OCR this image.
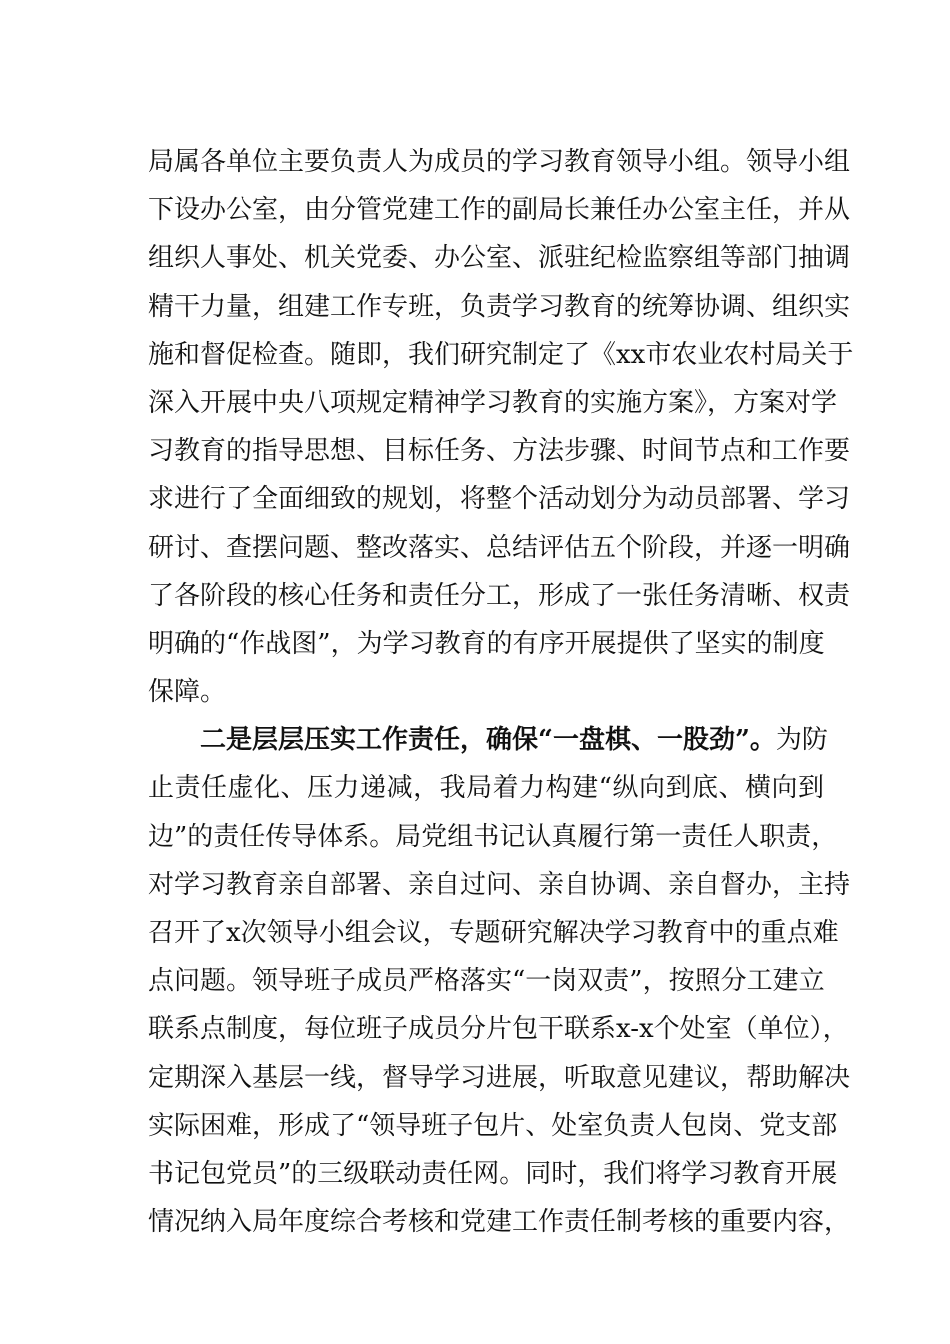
局属各单位主要负责人为成员的学习教育领导小组。领导小组
下设办公室，由分管党建工作的副局长兼任办公室主任，并从
组织人事处、机关党委、办公室、派驻纪检监察组等部门抽调
精干力量，组建工作专班，负责学习教育的统筹协调、组织实
施和督促检查。随即，我们研究制定了《xx市农业农村局关于
深入开展中央八项规定精神学习教育的实施方案》，方案对学
习教育的指导思想、目标任务、方法步骤、时间节点和工作要
求进行了全面细致的规划，将整个活动划分为动员部署、学习
研讨、查摆问题、整改落实、总结评估五个阶段，并逐一明确
了各阶段的核心任务和责任分工，形成了一张任务清晰、权责
明确的“作战图”，为学习教育的有序开展提供了坚实的制度
保障。

二是层层压实工作责任，确保“一盘棋、一股劲”。为防
止责任虚化、压力递减，我局着力构建“纵向到底、横向到
边”的责任传导体系。局党组书记认真履行第一责任人职责，
对学习教育亲自部署、亲自过问、亲自协调、亲自督办，主持
召开了x次领导小组会议，专题研究解决学习教育中的重点难
点问题。领导班子成员严格落实“一岗双责”，按照分工建立
联系点制度，每位班子成员分片包干联系x-x个处室（单位），
定期深入基层一线，督导学习进展，听取意见建议，帮助解决
实际困难，形成了“领导班子包片、处室负责人包岗、党支部
书记包党员”的三级联动责任网。同时，我们将学习教育开展
情况纳入局年度综合考核和党建工作责任制考核的重要内容，
